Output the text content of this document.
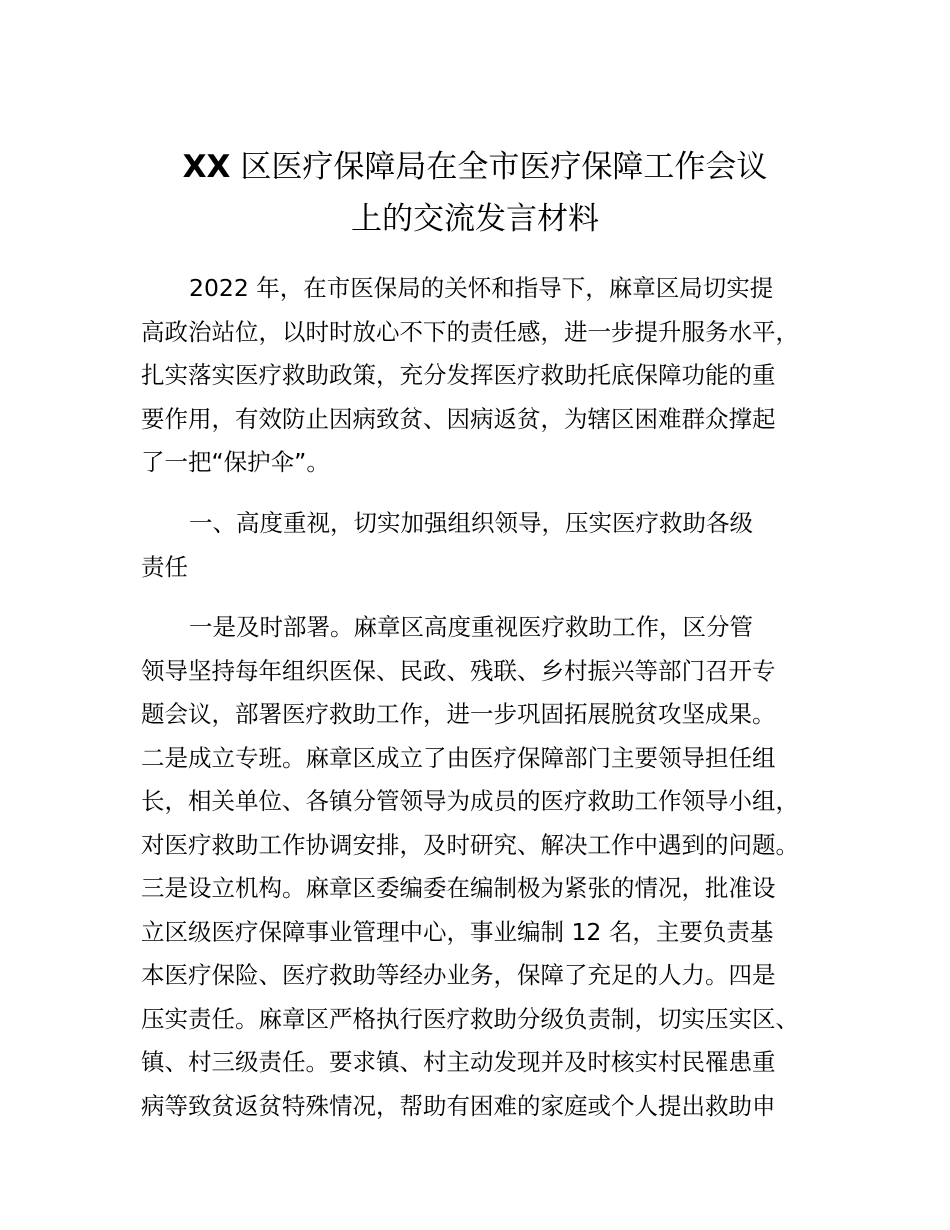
XX 区医疗保障局在全市医疗保障工作会议
上的交流发言材料
2022 年，在市医保局的关怀和指导下，麻章区局切实提
高政治站位，以时时放心不下的责任感，进一步提升服务水平，
扎实落实医疗救助政策，充分发挥医疗救助托底保障功能的重
要作用，有效防止因病致贫、因病返贫，为辖区困难群众撑起
了一把“保护伞”。
一、高度重视，切实加强组织领导，压实医疗救助各级
责任
一是及时部署。麻章区高度重视医疗救助工作，区分管
领导坚持每年组织医保、民政、残联、乡村振兴等部门召开专
题会议，部署医疗救助工作，进一步巩固拓展脱贫攻坚成果。
二是成立专班。麻章区成立了由医疗保障部门主要领导担任组
长，相关单位、各镇分管领导为成员的医疗救助工作领导小组，
对医疗救助工作协调安排，及时研究、解决工作中遇到的问题。
三是设立机构。麻章区委编委在编制极为紧张的情况，批准设
立区级医疗保障事业管理中心，事业编制 12 名，主要负责基
本医疗保险、医疗救助等经办业务，保障了充足的人力。四是
压实责任。麻章区严格执行医疗救助分级负责制，切实压实区、
镇、村三级责任。要求镇、村主动发现并及时核实村民罹患重
病等致贫返贫特殊情况，帮助有困难的家庭或个人提出救助申
